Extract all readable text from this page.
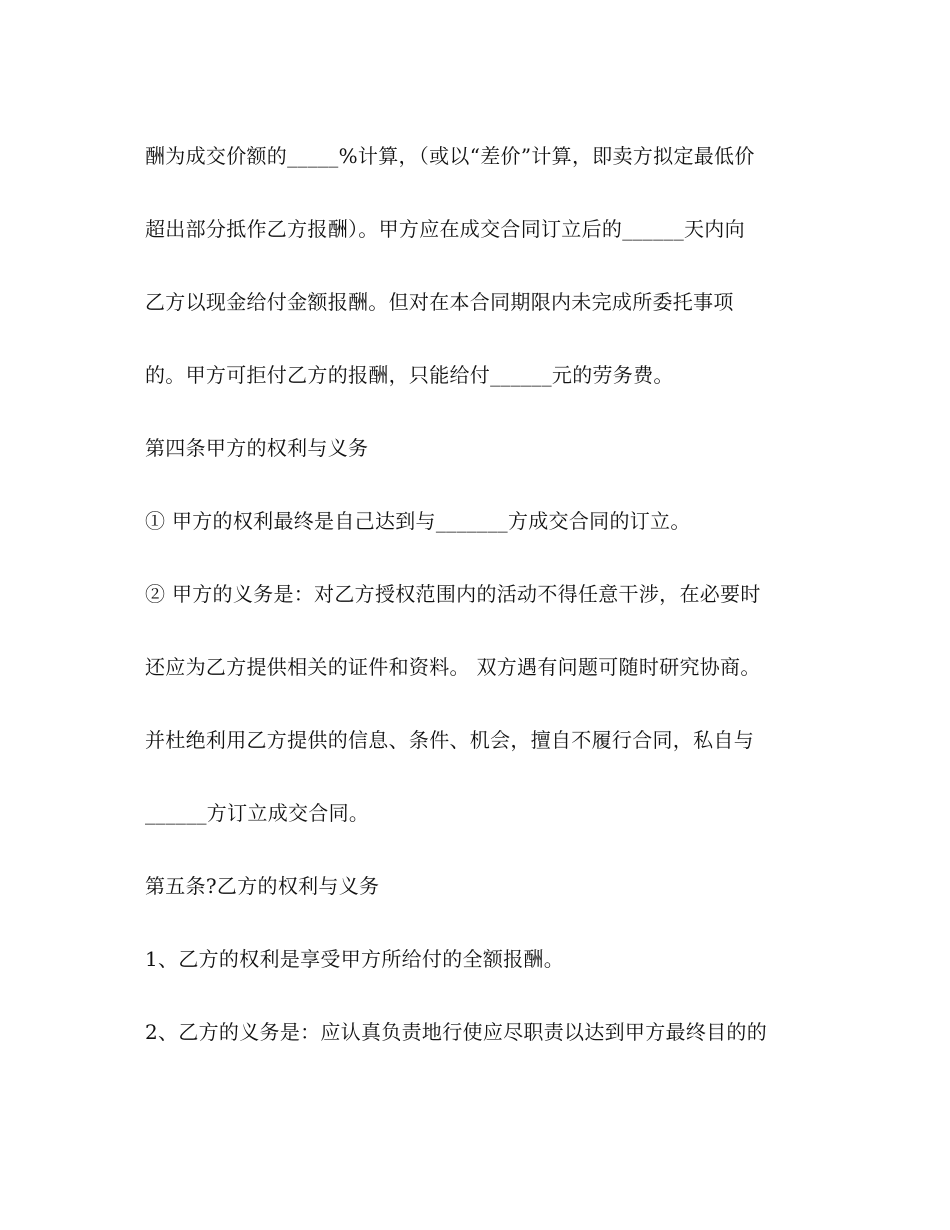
酬为成交价额的_____%计算，（或以“差价”计算，即卖方拟定最低价
超出部分抵作乙方报酬）。甲方应在成交合同订立后的______天内向
乙方以现金给付金额报酬。但对在本合同期限内未完成所委托事项
的。甲方可拒付乙方的报酬，只能给付______元的劳务费。
第四条甲方的权利与义务
① 甲方的权利最终是自己达到与_______方成交合同的订立。
② 甲方的义务是：对乙方授权范围内的活动不得任意干涉，在必要时
还应为乙方提供相关的证件和资料。 双方遇有问题可随时研究协商。
并杜绝利用乙方提供的信息、条件、机会，擅自不履行合同，私自与
______方订立成交合同。
第五条?乙方的权利与义务
1、乙方的权利是享受甲方所给付的全额报酬。
2、乙方的义务是：应认真负责地行使应尽职责以达到甲方最终目的的
